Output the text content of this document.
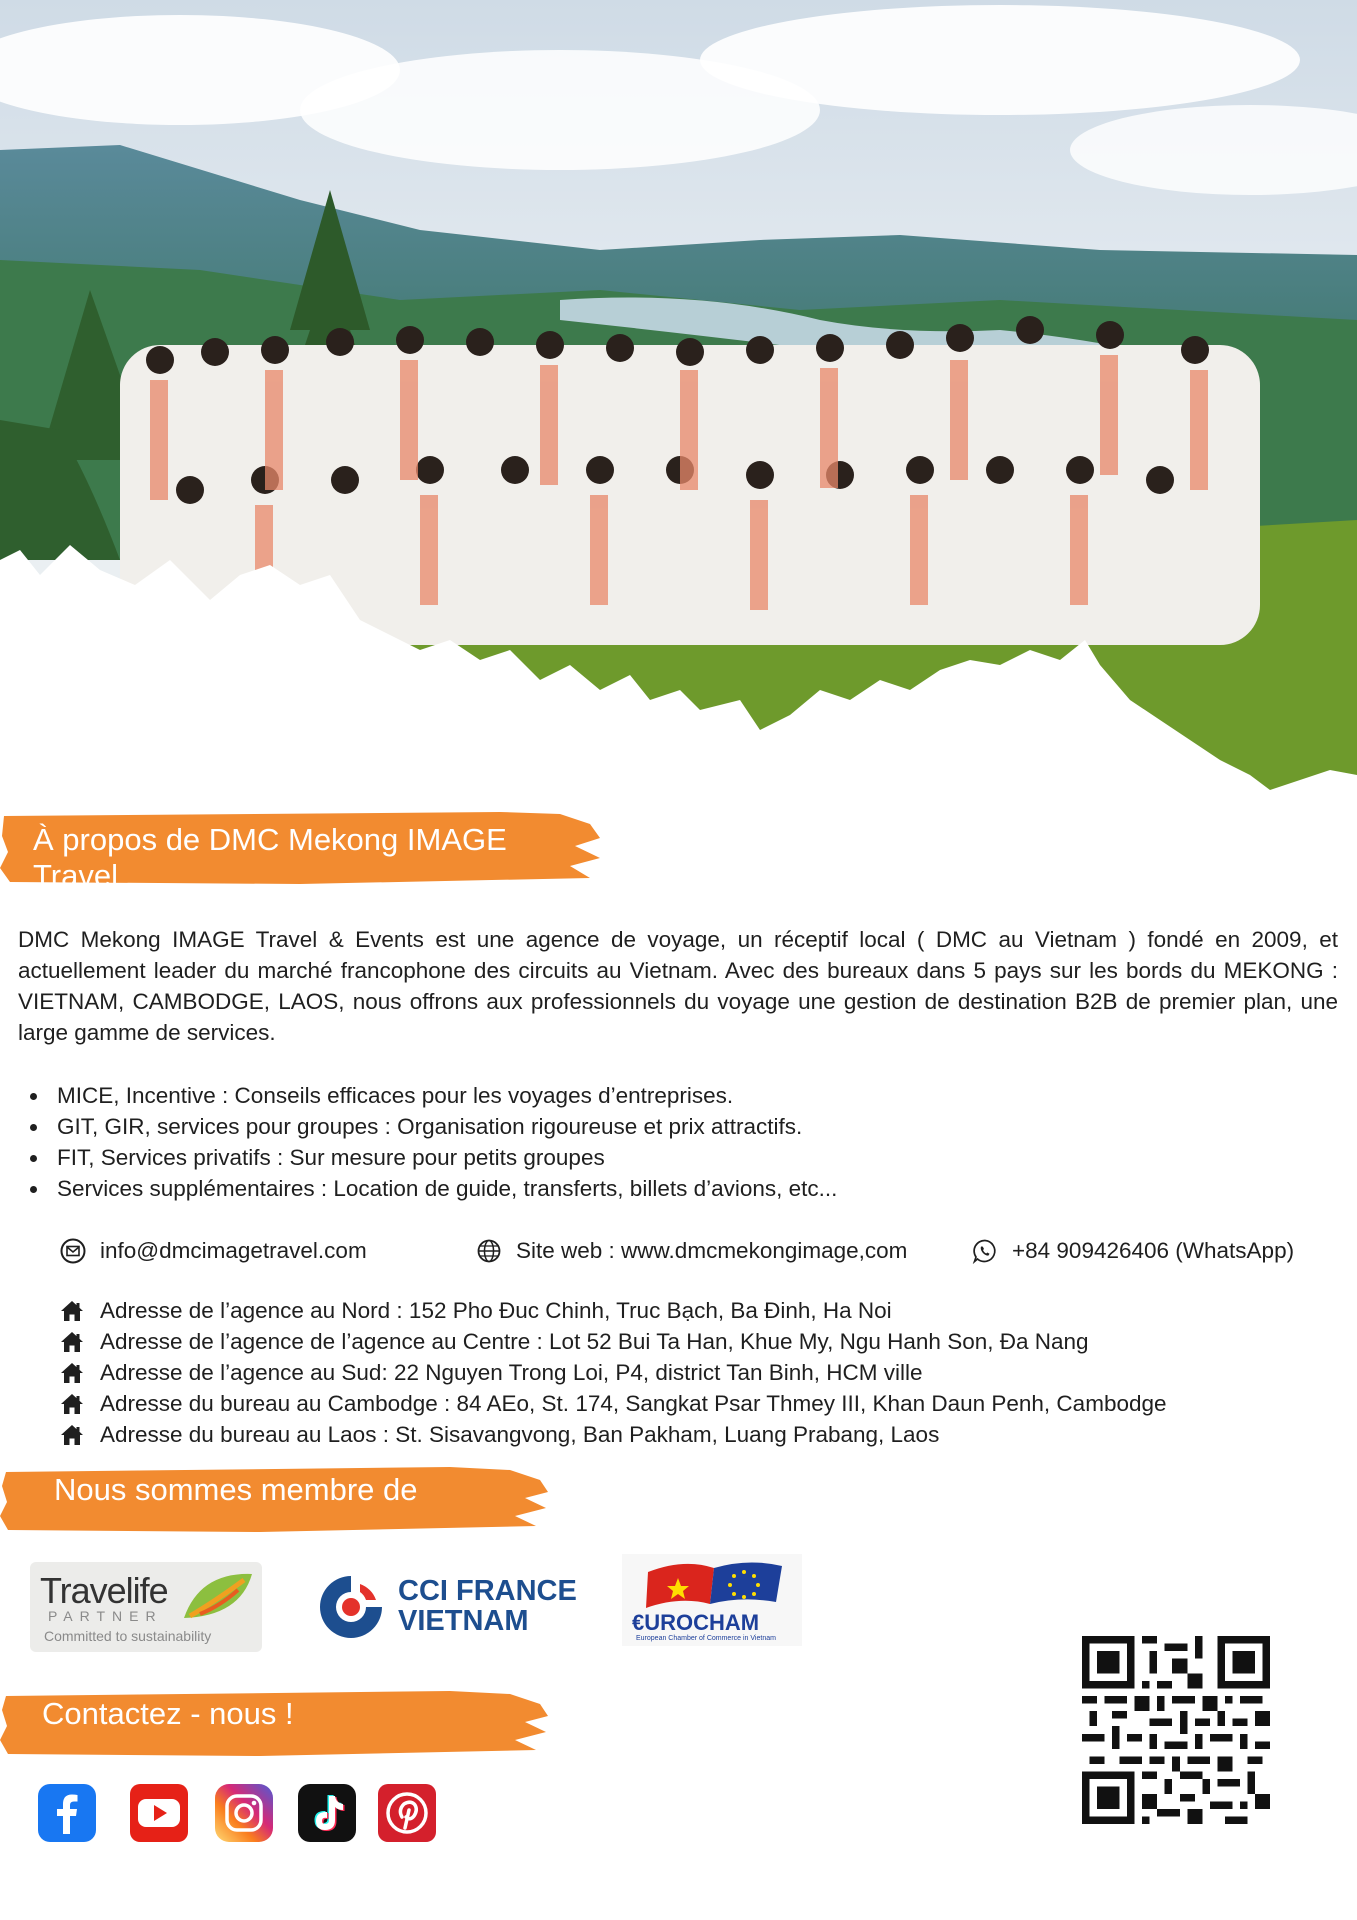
À propos de DMC Mekong IMAGE Travel

DMC Mekong IMAGE Travel & Events est une agence de voyage, un réceptif local ( DMC au Vietnam ) fondé en 2009, et actuellement leader du marché francophone des circuits au Vietnam. Avec des bureaux dans 5 pays sur les bords du MEKONG : VIETNAM, CAMBODGE, LAOS, nous offrons aux professionnels du voyage une gestion de destination B2B de premier plan, une large gamme de services.

MICE, Incentive : Conseils efficaces pour les voyages d’entreprises.
GIT, GIR, services pour groupes : Organisation rigoureuse et prix attractifs.
FIT, Services privatifs : Sur mesure pour petits groupes
Services supplémentaires : Location de guide, transferts, billets d’avions, etc...
info@dmcimagetravel.com	Site web : www.dmcmekongimage,com	+84 909426406 (WhatsApp)
Adresse de l’agence au Nord : 152 Pho Đuc Chinh, Truc Bạch, Ba Đinh, Ha Noi
Adresse de l’agence de l’agence au Centre : Lot 52 Bui Ta Han, Khue My, Ngu Hanh Son, Đa Nang
Adresse de l’agence au Sud: 22 Nguyen Trong Loi, P4, district Tan Binh, HCM ville
Adresse du bureau au Cambodge : 84 AEo, St. 174, Sangkat Psar Thmey III, Khan Daun Penh, Cambodge
Adresse du bureau au Laos : St. Sisavangvong, Ban Pakham, Luang Prabang, Laos
Nous sommes membre de
Travelife
PARTNER
Committed to sustainability
CCI FRANCE
VIETNAM	€UROCHAM
European Chamber of Commerce in Vietnam
Contactez - nous !
